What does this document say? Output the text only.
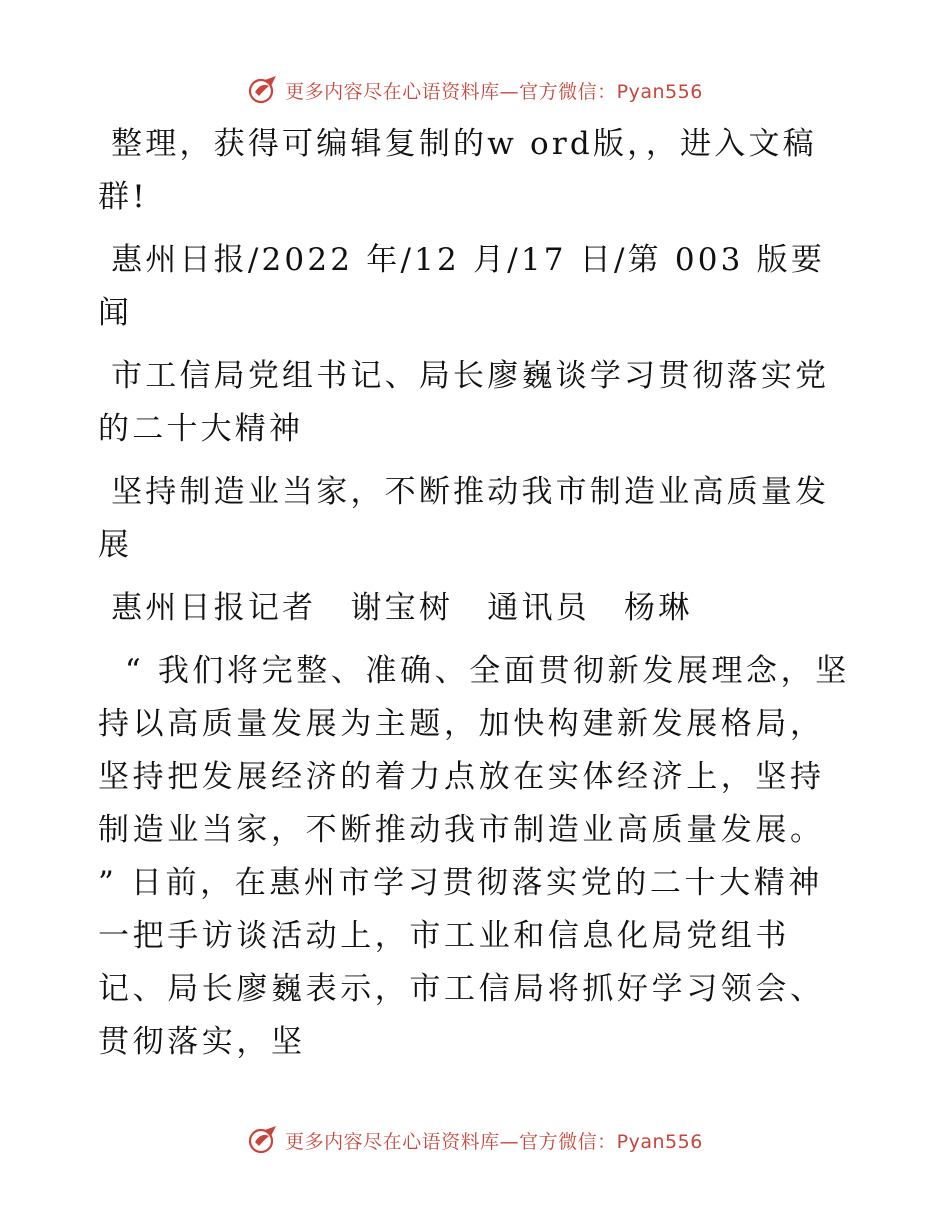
更多内容尽在心语资料库—官方微信：Pyan556

整理，获得可编辑复制的w ord版，，进入文稿群!

惠州日报/2022 年/12 月/17 日/第 003 版要闻

市工信局党组书记、局长廖巍谈学习贯彻落实党的二十大精神

坚持制造业当家，不断推动我市制造业高质量发展

惠州日报记者　谢宝树　通讯员　杨琳

“ 我们将完整、准确、全面贯彻新发展理念，坚持以高质量发展为主题，加快构建新发展格局，坚持把发展经济的着力点放在实体经济上，坚持制造业当家，不断推动我市制造业高质量发展。 ” 日前，在惠州市学习贯彻落实党的二十大精神一把手访谈活动上，市工业和信息化局党组书记、局长廖巍表示，市工信局将抓好学习领会、贯彻落实，坚

更多内容尽在心语资料库—官方微信：Pyan556
